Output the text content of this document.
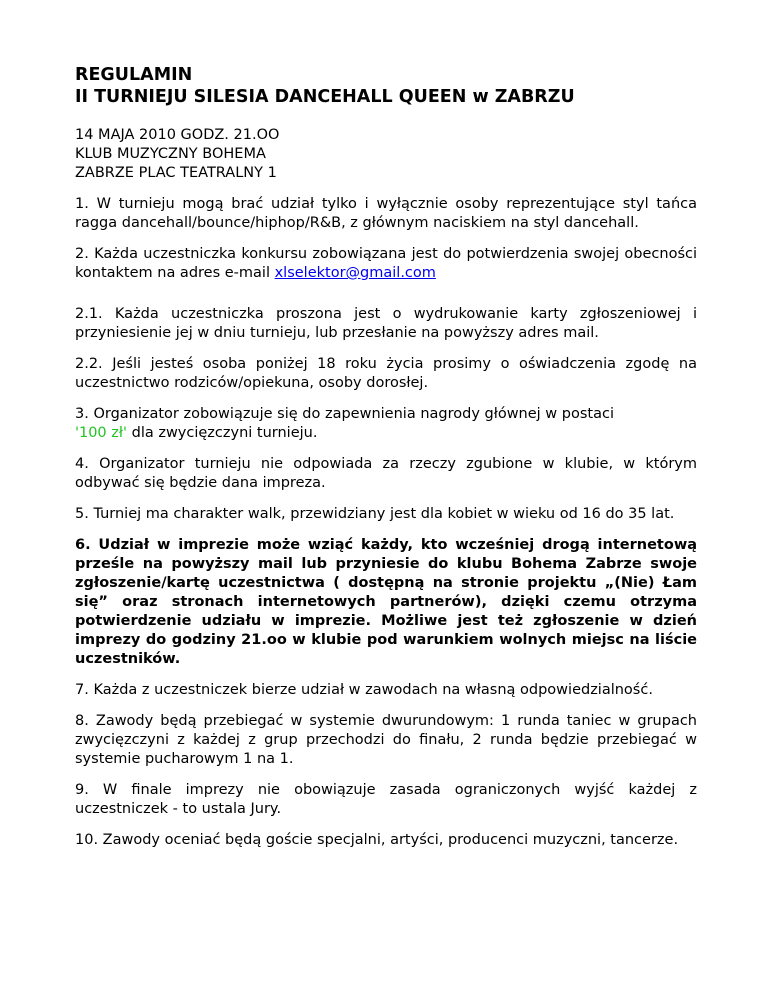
REGULAMIN
II TURNIEJU SILESIA DANCEHALL QUEEN w ZABRZU
14 MAJA 2010 GODZ. 21.OO
KLUB MUZYCZNY BOHEMA
ZABRZE PLAC TEATRALNY 1

1. W turnieju mogą brać udział tylko i wyłącznie osoby reprezentujące styl tańca ragga dancehall/bounce/hiphop/R&B, z głównym naciskiem na styl dancehall.

2. Każda uczestniczka konkursu zobowiązana jest do potwierdzenia swojej obecności kontaktem na adres e-mail xlselektor@gmail.com

2.1. Każda uczestniczka proszona jest o wydrukowanie karty zgłoszeniowej i przyniesienie jej w dniu turnieju, lub przesłanie na powyższy adres mail.

2.2. Jeśli jesteś osoba poniżej 18 roku życia prosimy o oświadczenia zgodę na uczestnictwo rodziców/opiekuna, osoby dorosłej.

3. Organizator zobowiązuje się do zapewnienia nagrody głównej w postaci
'100 zł' dla zwycięzczyni turnieju.

4. Organizator turnieju nie odpowiada za rzeczy zgubione w klubie, w którym odbywać się będzie dana impreza.

5. Turniej ma charakter walk, przewidziany jest dla kobiet w wieku od 16 do 35 lat.

6. Udział w imprezie może wziąć każdy, kto wcześniej drogą internetową prześle na powyższy mail lub przyniesie do klubu Bohema Zabrze swoje zgłoszenie/kartę uczestnictwa ( dostępną na stronie projektu „(Nie) Łam się” oraz stronach internetowych partnerów), dzięki czemu otrzyma potwierdzenie udziału w imprezie. Możliwe jest też zgłoszenie w dzień imprezy do godziny 21.oo w klubie pod warunkiem wolnych miejsc na liście uczestników.

7. Każda z uczestniczek bierze udział w zawodach na własną odpowiedzialność.

8. Zawody będą przebiegać w systemie dwurundowym: 1 runda taniec w grupach zwycięzczyni z każdej z grup przechodzi do finału, 2 runda będzie przebiegać w systemie pucharowym 1 na 1.

9. W finale imprezy nie obowiązuje zasada ograniczonych wyjść każdej z uczestniczek - to ustala Jury.

10. Zawody oceniać będą goście specjalni, artyści, producenci muzyczni, tancerze.
